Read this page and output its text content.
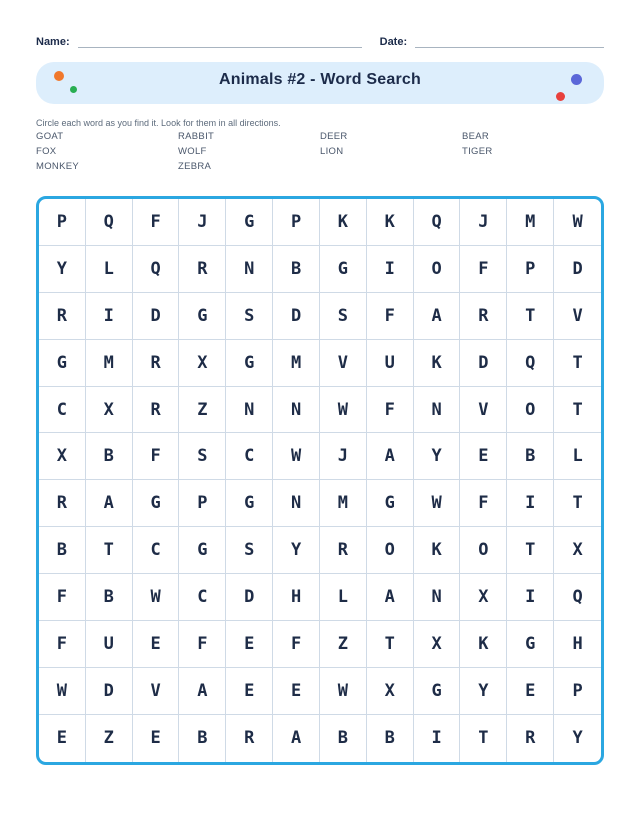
Name:	Date:
Animals #2 - Word Search
Circle each word as you find it. Look for them in all directions.
GOAT	RABBIT	DEER	BEAR
FOX	WOLF	LION	TIGER
MONKEY	ZEBRA
P	Q	F	J	G	P	K	K	Q	J	M	W
Y	L	Q	R	N	B	G	I	O	F	P	D
R	I	D	G	S	D	S	F	A	R	T	V
G	M	R	X	G	M	V	U	K	D	Q	T
C	X	R	Z	N	N	W	F	N	V	O	T
X	B	F	S	C	W	J	A	Y	E	B	L
R	A	G	P	G	N	M	G	W	F	I	T
B	T	C	G	S	Y	R	O	K	O	T	X
F	B	W	C	D	H	L	A	N	X	I	Q
F	U	E	F	E	F	Z	T	X	K	G	H
W	D	V	A	E	E	W	X	G	Y	E	P
E	Z	E	B	R	A	B	B	I	T	R	Y
